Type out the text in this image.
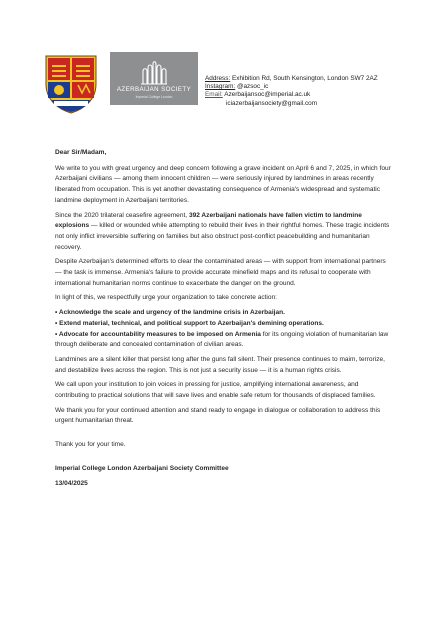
AZERBAIJAN SOCIETY
Imperial College London
Address: Exhibition Rd, South Kensington, London SW7 2AZ
Instagram: @azsoc_ic
Email: Azerbaijansoc@imperial.ac.uk
iciazerbaijansociety@gmail.com

Dear Sir/Madam,

We write to you with great urgency and deep concern following a grave incident on April 6 and 7, 2025, in which four Azerbaijani civilians — among them innocent children — were seriously injured by landmines in areas recently liberated from occupation. This is yet another devastating consequence of Armenia's widespread and systematic landmine deployment in Azerbaijani territories.

Since the 2020 trilateral ceasefire agreement, 392 Azerbaijani nationals have fallen victim to landmine explosions — killed or wounded while attempting to rebuild their lives in their rightful homes. These tragic incidents not only inflict irreversible suffering on families but also obstruct post-conflict peacebuilding and humanitarian recovery.

Despite Azerbaijan's determined efforts to clear the contaminated areas — with support from international partners — the task is immense. Armenia's failure to provide accurate minefield maps and its refusal to cooperate with international humanitarian norms continue to exacerbate the danger on the ground.

In light of this, we respectfully urge your organization to take concrete action:

• Acknowledge the scale and urgency of the landmine crisis in Azerbaijan.
• Extend material, technical, and political support to Azerbaijan's demining operations.
• Advocate for accountability measures to be imposed on Armenia for its ongoing violation of humanitarian law through deliberate and concealed contamination of civilian areas.

Landmines are a silent killer that persist long after the guns fall silent. Their presence continues to maim, terrorize, and destabilize lives across the region. This is not just a security issue — it is a human rights crisis.

We call upon your institution to join voices in pressing for justice, amplifying international awareness, and contributing to practical solutions that will save lives and enable safe return for thousands of displaced families.

We thank you for your continued attention and stand ready to engage in dialogue or collaboration to address this urgent humanitarian threat.

Thank you for your time.

Imperial College London Azerbaijani Society Committee

13/04/2025
